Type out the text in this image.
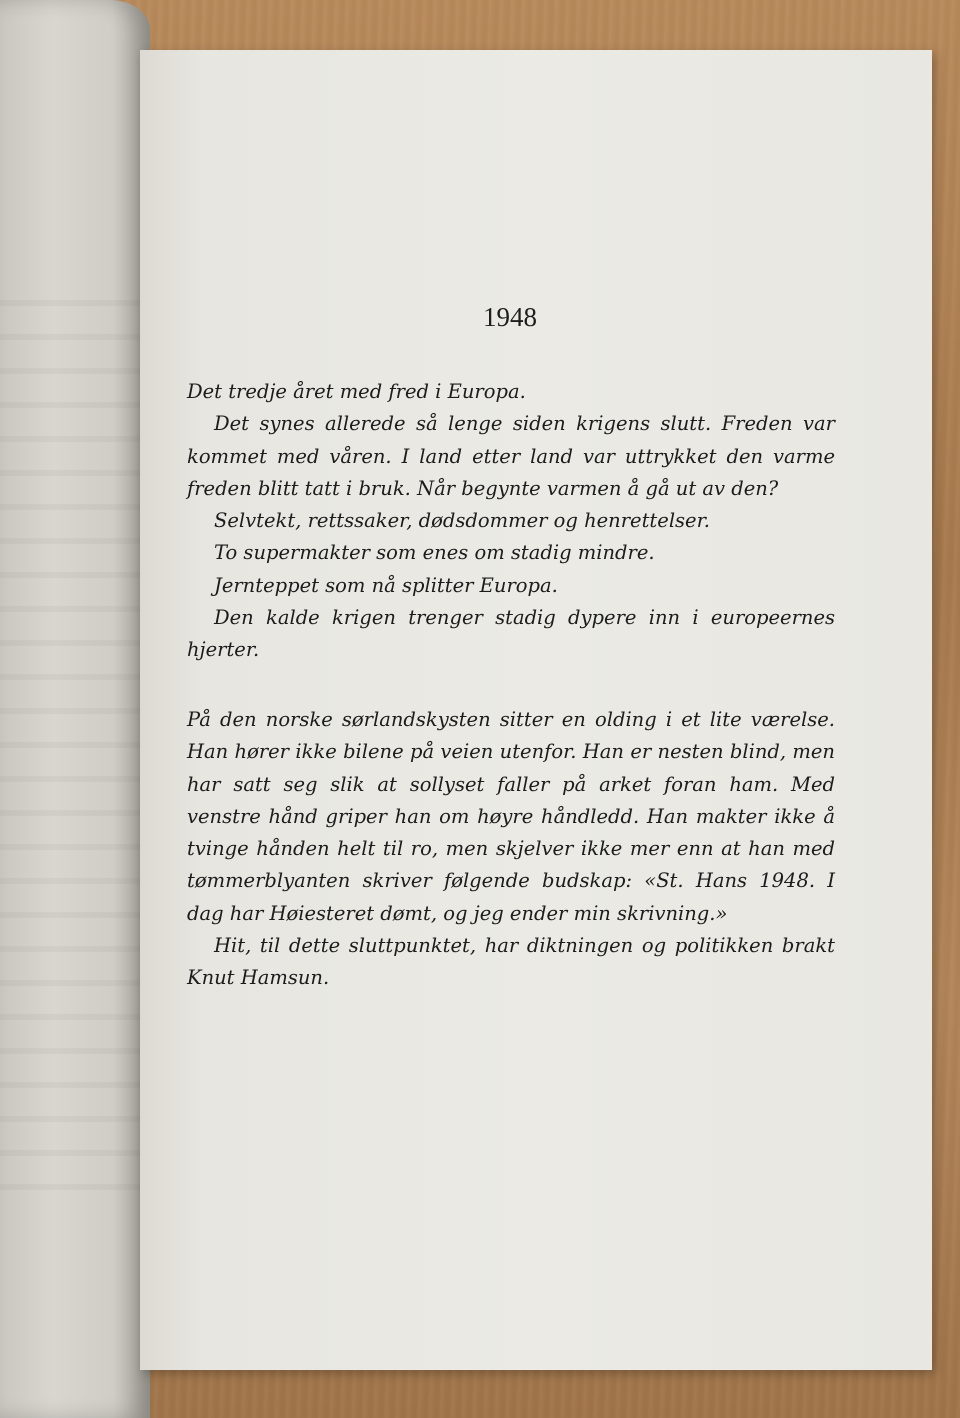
1948

Det tredje året med fred i Europa.

Det synes allerede så lenge siden krigens slutt. Freden var kommet med våren. I land etter land var uttrykket den varme freden blitt tatt i bruk. Når begynte varmen å gå ut av den?

Selvtekt, rettssaker, dødsdommer og henrettelser.

To supermakter som enes om stadig mindre.

Jernteppet som nå splitter Europa.

Den kalde krigen trenger stadig dypere inn i europeernes hjerter.

På den norske sørlandskysten sitter en olding i et lite værelse. Han hører ikke bilene på veien utenfor. Han er nesten blind, men har satt seg slik at sollyset faller på arket foran ham. Med venstre hånd griper han om høyre håndledd. Han makter ikke å tvinge hånden helt til ro, men skjelver ikke mer enn at han med tømmerblyanten skriver følgende budskap: «St. Hans 1948. I dag har Høiesteret dømt, og jeg ender min skrivning.»

Hit, til dette sluttpunktet, har diktningen og politikken brakt Knut Hamsun.
